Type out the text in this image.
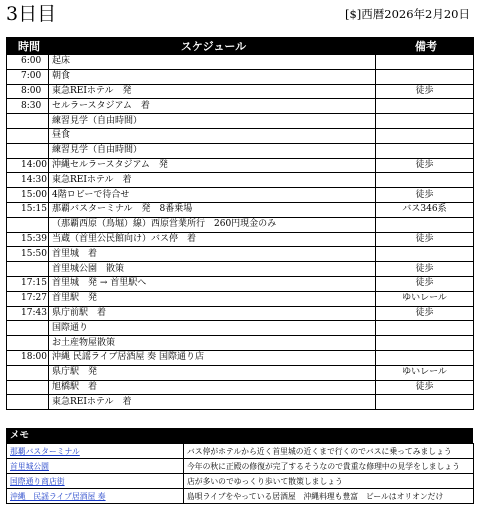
3日目	[$]西暦2026年2月20日
時間	スケジュール	備考
6:00	起床	
7:00	朝食	
8:00	東急REIホテル　発	徒歩
8:30	セルラースタジアム　着	
	練習見学（自由時間）	
	昼食	
	練習見学（自由時間）	
14:00	沖縄セルラースタジアム　発	徒歩
14:30	東急REIホテル　着	
15:00	4階ロビーで待合せ	徒歩
15:15	那覇バスターミナル　発　8番乗場	バス346系
	（那覇西原（鳥堀）線）西原営業所行　260円現金のみ	
15:39	当蔵（首里公民館向け）バス停　着	徒歩
15:50	首里城　着	
	首里城公園　散策	徒歩
17:15	首里城　発 → 首里駅へ	徒歩
17:27	首里駅　発	ゆいレール
17:43	県庁前駅　着	徒歩
	国際通り	
	お土産物屋散策	
18:00	沖縄 民謡ライブ居酒屋 奏 国際通り店	
	県庁駅　発	ゆいレール
	旭橋駅　着	徒歩
	東急REIホテル　着	
メモ
那覇バスターミナル	バス停がホテルから近く首里城の近くまで行くのでバスに乗ってみましょう
首里城公園	今年の秋に正殿の修復が完了するそうなので貴重な修理中の見学をしましょう
国際通り商店街	店が多いのでゆっくり歩いて散策しましょう
沖縄　民謡ライブ居酒屋 奏	島唄ライブをやっている居酒屋　沖縄料理も豊富　ビールはオリオンだけ
